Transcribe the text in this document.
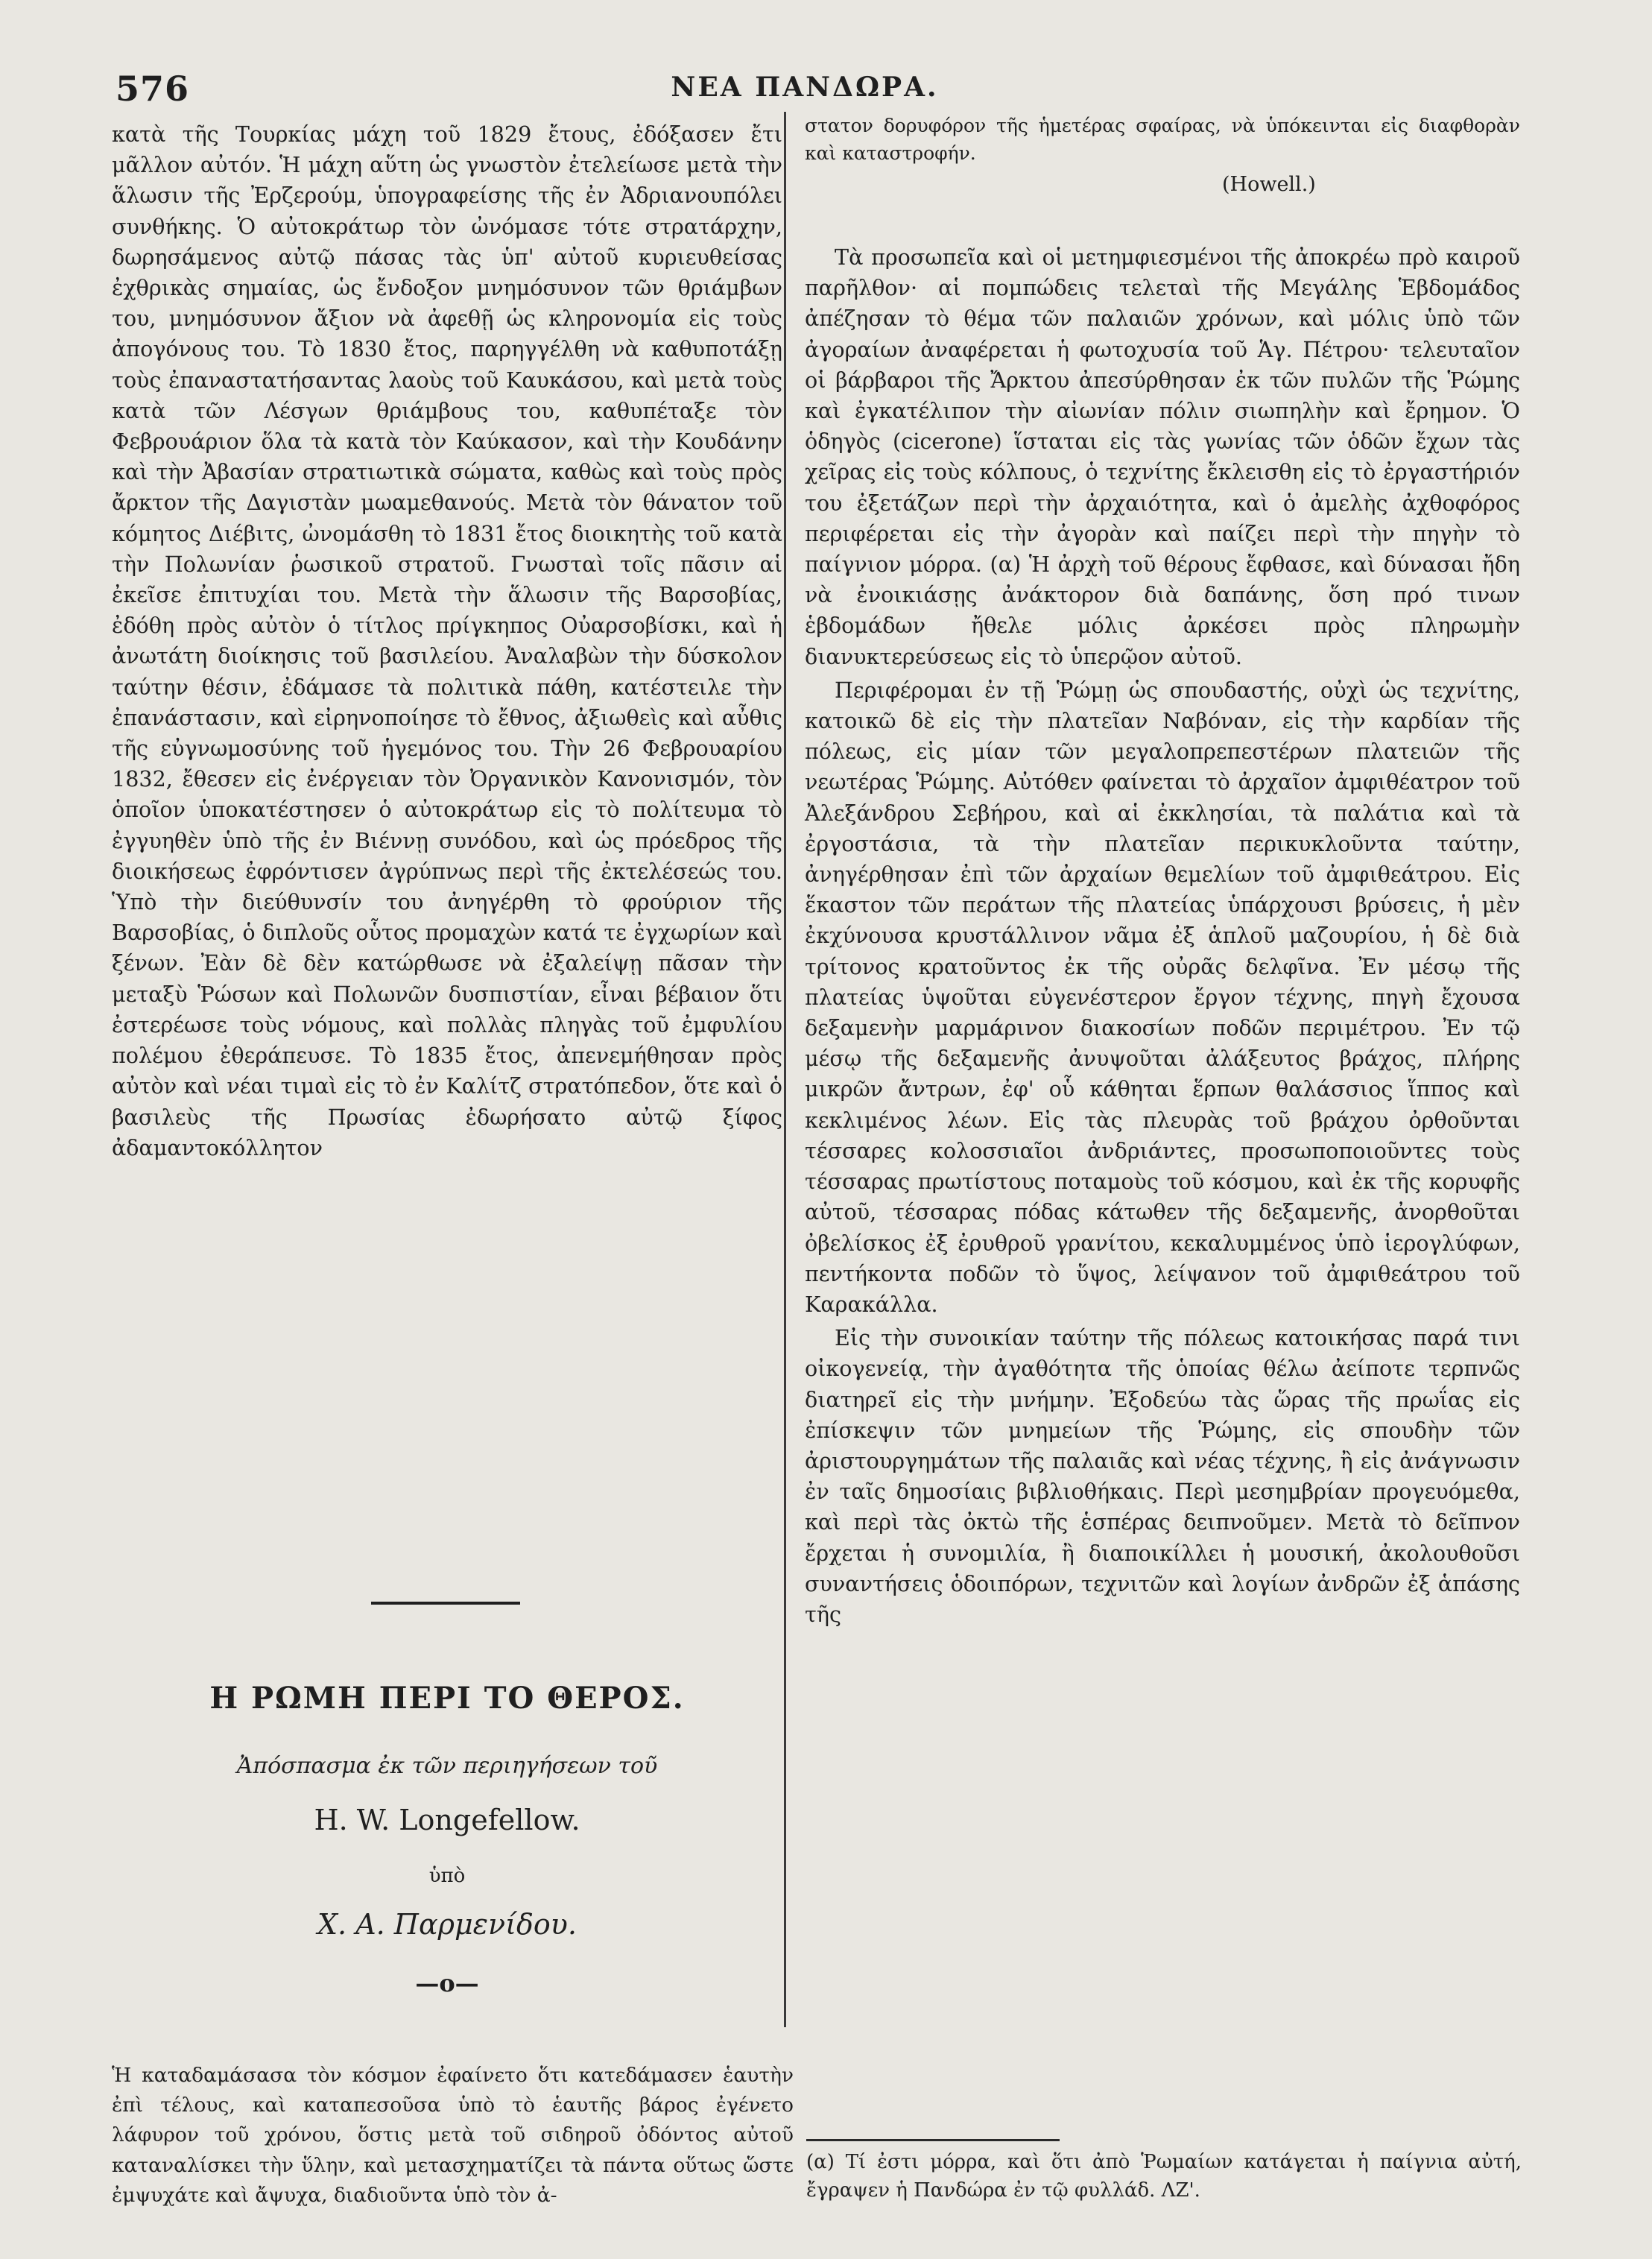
576	ΝΕΑ ΠΑΝΔΩΡΑ.

κατὰ τῆς Τουρκίας μάχη τοῦ 1829 ἔτους, ἐδόξασεν ἔτι μᾶλλον αὐτόν. Ἡ μάχη αὕτη ὡς γνωστὸν ἐτελείωσε μετὰ τὴν ἅλωσιν τῆς Ἐρζερούμ, ὑπογραφείσης τῆς ἐν Ἀδριανουπόλει συνθήκης. Ὁ αὐτοκράτωρ τὸν ὠνόμασε τότε στρατάρχην, δωρησάμενος αὐτῷ πάσας τὰς ὑπ' αὐτοῦ κυριευθείσας ἐχθρικὰς σημαίας, ὡς ἔνδοξον μνημόσυνον τῶν θριάμβων του, μνημόσυνον ἄξιον νὰ ἀφεθῇ ὡς κληρονομία εἰς τοὺς ἀπογόνους του. Τὸ 1830 ἔτος, παρηγγέλθη νὰ καθυποτάξῃ τοὺς ἐπαναστατήσαντας λαοὺς τοῦ Καυκάσου, καὶ μετὰ τοὺς κατὰ τῶν Λέσγων θριάμβους του, καθυπέταξε τὸν Φεβρουάριον ὅλα τὰ κατὰ τὸν Καύκασον, καὶ τὴν Κουδάνην καὶ τὴν Ἀβασίαν στρατιωτικὰ σώματα, καθὼς καὶ τοὺς πρὸς ἄρκτον τῆς Δαγιστὰν μωαμεθανούς. Μετὰ τὸν θάνατον τοῦ κόμητος Διέβιτς, ὠνομάσθη τὸ 1831 ἔτος διοικητὴς τοῦ κατὰ τὴν Πολωνίαν ῥωσικοῦ στρατοῦ. Γνωσταὶ τοῖς πᾶσιν αἱ ἐκεῖσε ἐπιτυχίαι του. Μετὰ τὴν ἅλωσιν τῆς Βαρσοβίας, ἐδόθη πρὸς αὐτὸν ὁ τίτλος πρίγκηπος Οὐαρσοβίσκι, καὶ ἡ ἀνωτάτη διοίκησις τοῦ βασιλείου. Ἀναλαβὼν τὴν δύσκολον ταύτην θέσιν, ἐδάμασε τὰ πολιτικὰ πάθη, κατέστειλε τὴν ἐπανάστασιν, καὶ εἰρηνοποίησε τὸ ἔθνος, ἀξιωθεὶς καὶ αὖθις τῆς εὐγνωμοσύνης τοῦ ἡγεμόνος του. Τὴν 26 Φεβρουαρίου 1832, ἔθεσεν εἰς ἐνέργειαν τὸν Ὀργανικὸν Κανονισμόν, τὸν ὁποῖον ὑποκατέστησεν ὁ αὐτοκράτωρ εἰς τὸ πολίτευμα τὸ ἐγγυηθὲν ὑπὸ τῆς ἐν Βιέννῃ συνόδου, καὶ ὡς πρόεδρος τῆς διοικήσεως ἐφρόντισεν ἀγρύπνως περὶ τῆς ἐκτελέσεώς του. Ὑπὸ τὴν διεύθυνσίν του ἀνηγέρθη τὸ φρούριον τῆς Βαρσοβίας, ὁ διπλοῦς οὗτος προμαχὼν κατά τε ἐγχωρίων καὶ ξένων. Ἐὰν δὲ δὲν κατώρθωσε νὰ ἐξαλείψῃ πᾶσαν τὴν μεταξὺ Ῥώσων καὶ Πολωνῶν δυσπιστίαν, εἶναι βέβαιον ὅτι ἐστερέωσε τοὺς νόμους, καὶ πολλὰς πληγὰς τοῦ ἐμφυλίου πολέμου ἐθεράπευσε. Τὸ 1835 ἔτος, ἀπενεμήθησαν πρὸς αὐτὸν καὶ νέαι τιμαὶ εἰς τὸ ἐν Καλίτζ στρατόπεδον, ὅτε καὶ ὁ βασιλεὺς τῆς Πρωσίας ἐδωρήσατο αὐτῷ ξίφος ἀδαμαντοκόλλητον

Η ΡΩΜΗ ΠΕΡΙ ΤΟ ΘΕΡΟΣ.
Ἀπόσπασμα ἐκ τῶν περιηγήσεων τοῦ
H. W. Longefellow.
ὑπὸ
Χ. Α. Παρμενίδου.
—o—

Ἡ καταδαμάσασα τὸν κόσμον ἐφαίνετο ὅτι κατεδάμασεν ἑαυτὴν ἐπὶ τέλους, καὶ καταπεσοῦσα ὑπὸ τὸ ἑαυτῆς βάρος ἐγένετο λάφυρον τοῦ χρόνου, ὅστις μετὰ τοῦ σιδηροῦ ὀδόντος αὐτοῦ καταναλίσκει τὴν ὕλην, καὶ μετασχηματίζει τὰ πάντα οὕτως ὥστε ἐμψυχάτε καὶ ἄψυχα, διαδιοῦντα ὑπὸ τὸν ἀ-

στατον δορυφόρον τῆς ἡμετέρας σφαίρας, νὰ ὑπόκεινται εἰς διαφθορὰν καὶ καταστροφήν.

(Howell.)

Τὰ προσωπεῖα καὶ οἱ μετημφιεσμένοι τῆς ἀποκρέω πρὸ καιροῦ παρῆλθον· αἱ πομπώδεις τελεταὶ τῆς Μεγάλης Ἑβδομάδος ἀπέζησαν τὸ θέμα τῶν παλαιῶν χρόνων, καὶ μόλις ὑπὸ τῶν ἀγοραίων ἀναφέρεται ἡ φωτοχυσία τοῦ Ἁγ. Πέτρου· τελευταῖον οἱ βάρβαροι τῆς Ἄρκτου ἀπεσύρθησαν ἐκ τῶν πυλῶν τῆς Ῥώμης καὶ ἐγκατέλιπον τὴν αἰωνίαν πόλιν σιωπηλὴν καὶ ἔρημον. Ὁ ὁδηγὸς (cicerone) ἵσταται εἰς τὰς γωνίας τῶν ὁδῶν ἔχων τὰς χεῖρας εἰς τοὺς κόλπους, ὁ τεχνίτης ἔκλεισθη εἰς τὸ ἐργαστήριόν του ἐξετάζων περὶ τὴν ἀρχαιότητα, καὶ ὁ ἀμελὴς ἀχθοφόρος περιφέρεται εἰς τὴν ἀγορὰν καὶ παίζει περὶ τὴν πηγὴν τὸ παίγνιον μόρρα. (α) Ἡ ἀρχὴ τοῦ θέρους ἔφθασε, καὶ δύνασαι ἤδη νὰ ἐνοικιάσῃς ἀνάκτορον διὰ δαπάνης, ὅση πρό τινων ἑβδομάδων ἤθελε μόλις ἀρκέσει πρὸς πληρωμὴν διανυκτερεύσεως εἰς τὸ ὑπερῷον αὐτοῦ.

Περιφέρομαι ἐν τῇ Ῥώμῃ ὡς σπουδαστής, οὐχὶ ὡς τεχνίτης, κατοικῶ δὲ εἰς τὴν πλατεῖαν Ναβόναν, εἰς τὴν καρδίαν τῆς πόλεως, εἰς μίαν τῶν μεγαλοπρεπεστέρων πλατειῶν τῆς νεωτέρας Ῥώμης. Αὐτόθεν φαίνεται τὸ ἀρχαῖον ἀμφιθέατρον τοῦ Ἀλεξάνδρου Σεβήρου, καὶ αἱ ἐκκλησίαι, τὰ παλάτια καὶ τὰ ἐργοστάσια, τὰ τὴν πλατεῖαν περικυκλοῦντα ταύτην, ἀνηγέρθησαν ἐπὶ τῶν ἀρχαίων θεμελίων τοῦ ἀμφιθεάτρου. Εἰς ἕκαστον τῶν περάτων τῆς πλατείας ὑπάρχουσι βρύσεις, ἡ μὲν ἐκχύνουσα κρυστάλλινον νᾶμα ἐξ ἁπλοῦ μαζουρίου, ἡ δὲ διὰ τρίτονος κρατοῦντος ἐκ τῆς οὐρᾶς δελφῖνα. Ἐν μέσῳ τῆς πλατείας ὑψοῦται εὐγενέστερον ἔργον τέχνης, πηγὴ ἔχουσα δεξαμενὴν μαρμάρινον διακοσίων ποδῶν περιμέτρου. Ἐν τῷ μέσῳ τῆς δεξαμενῆς ἀνυψοῦται ἀλάξευτος βράχος, πλήρης μικρῶν ἄντρων, ἐφ' οὗ κάθηται ἕρπων θαλάσσιος ἵππος καὶ κεκλιμένος λέων. Εἰς τὰς πλευρὰς τοῦ βράχου ὀρθοῦνται τέσσαρες κολοσσιαῖοι ἀνδριάντες, προσωποποιοῦντες τοὺς τέσσαρας πρωτίστους ποταμοὺς τοῦ κόσμου, καὶ ἐκ τῆς κορυφῆς αὐτοῦ, τέσσαρας πόδας κάτωθεν τῆς δεξαμενῆς, ἀνορθοῦται ὀβελίσκος ἐξ ἐρυθροῦ γρανίτου, κεκαλυμμένος ὑπὸ ἱερογλύφων, πεντήκοντα ποδῶν τὸ ὕψος, λείψανον τοῦ ἀμφιθεάτρου τοῦ Καρακάλλα.

Εἰς τὴν συνοικίαν ταύτην τῆς πόλεως κατοικήσας παρά τινι οἰκογενείᾳ, τὴν ἀγαθότητα τῆς ὁποίας θέλω ἀείποτε τερπνῶς διατηρεῖ εἰς τὴν μνήμην. Ἐξοδεύω τὰς ὥρας τῆς πρωΐας εἰς ἐπίσκεψιν τῶν μνημείων τῆς Ῥώμης, εἰς σπουδὴν τῶν ἀριστουργημάτων τῆς παλαιᾶς καὶ νέας τέχνης, ἢ εἰς ἀνάγνωσιν ἐν ταῖς δημοσίαις βιβλιοθήκαις. Περὶ μεσημβρίαν προγευόμεθα, καὶ περὶ τὰς ὀκτὼ τῆς ἑσπέρας δειπνοῦμεν. Μετὰ τὸ δεῖπνον ἔρχεται ἡ συνομιλία, ἢ διαποικίλλει ἡ μουσική, ἀκολουθοῦσι συναντήσεις ὁδοιπόρων, τεχνιτῶν καὶ λογίων ἀνδρῶν ἐξ ἁπάσης τῆς

(α) Τί ἐστι μόρρα, καὶ ὅτι ἀπὸ Ῥωμαίων κατάγεται ἡ παίγνια αὐτή, ἔγραψεν ἡ Πανδώρα ἐν τῷ φυλλάδ. ΛΖ'.
